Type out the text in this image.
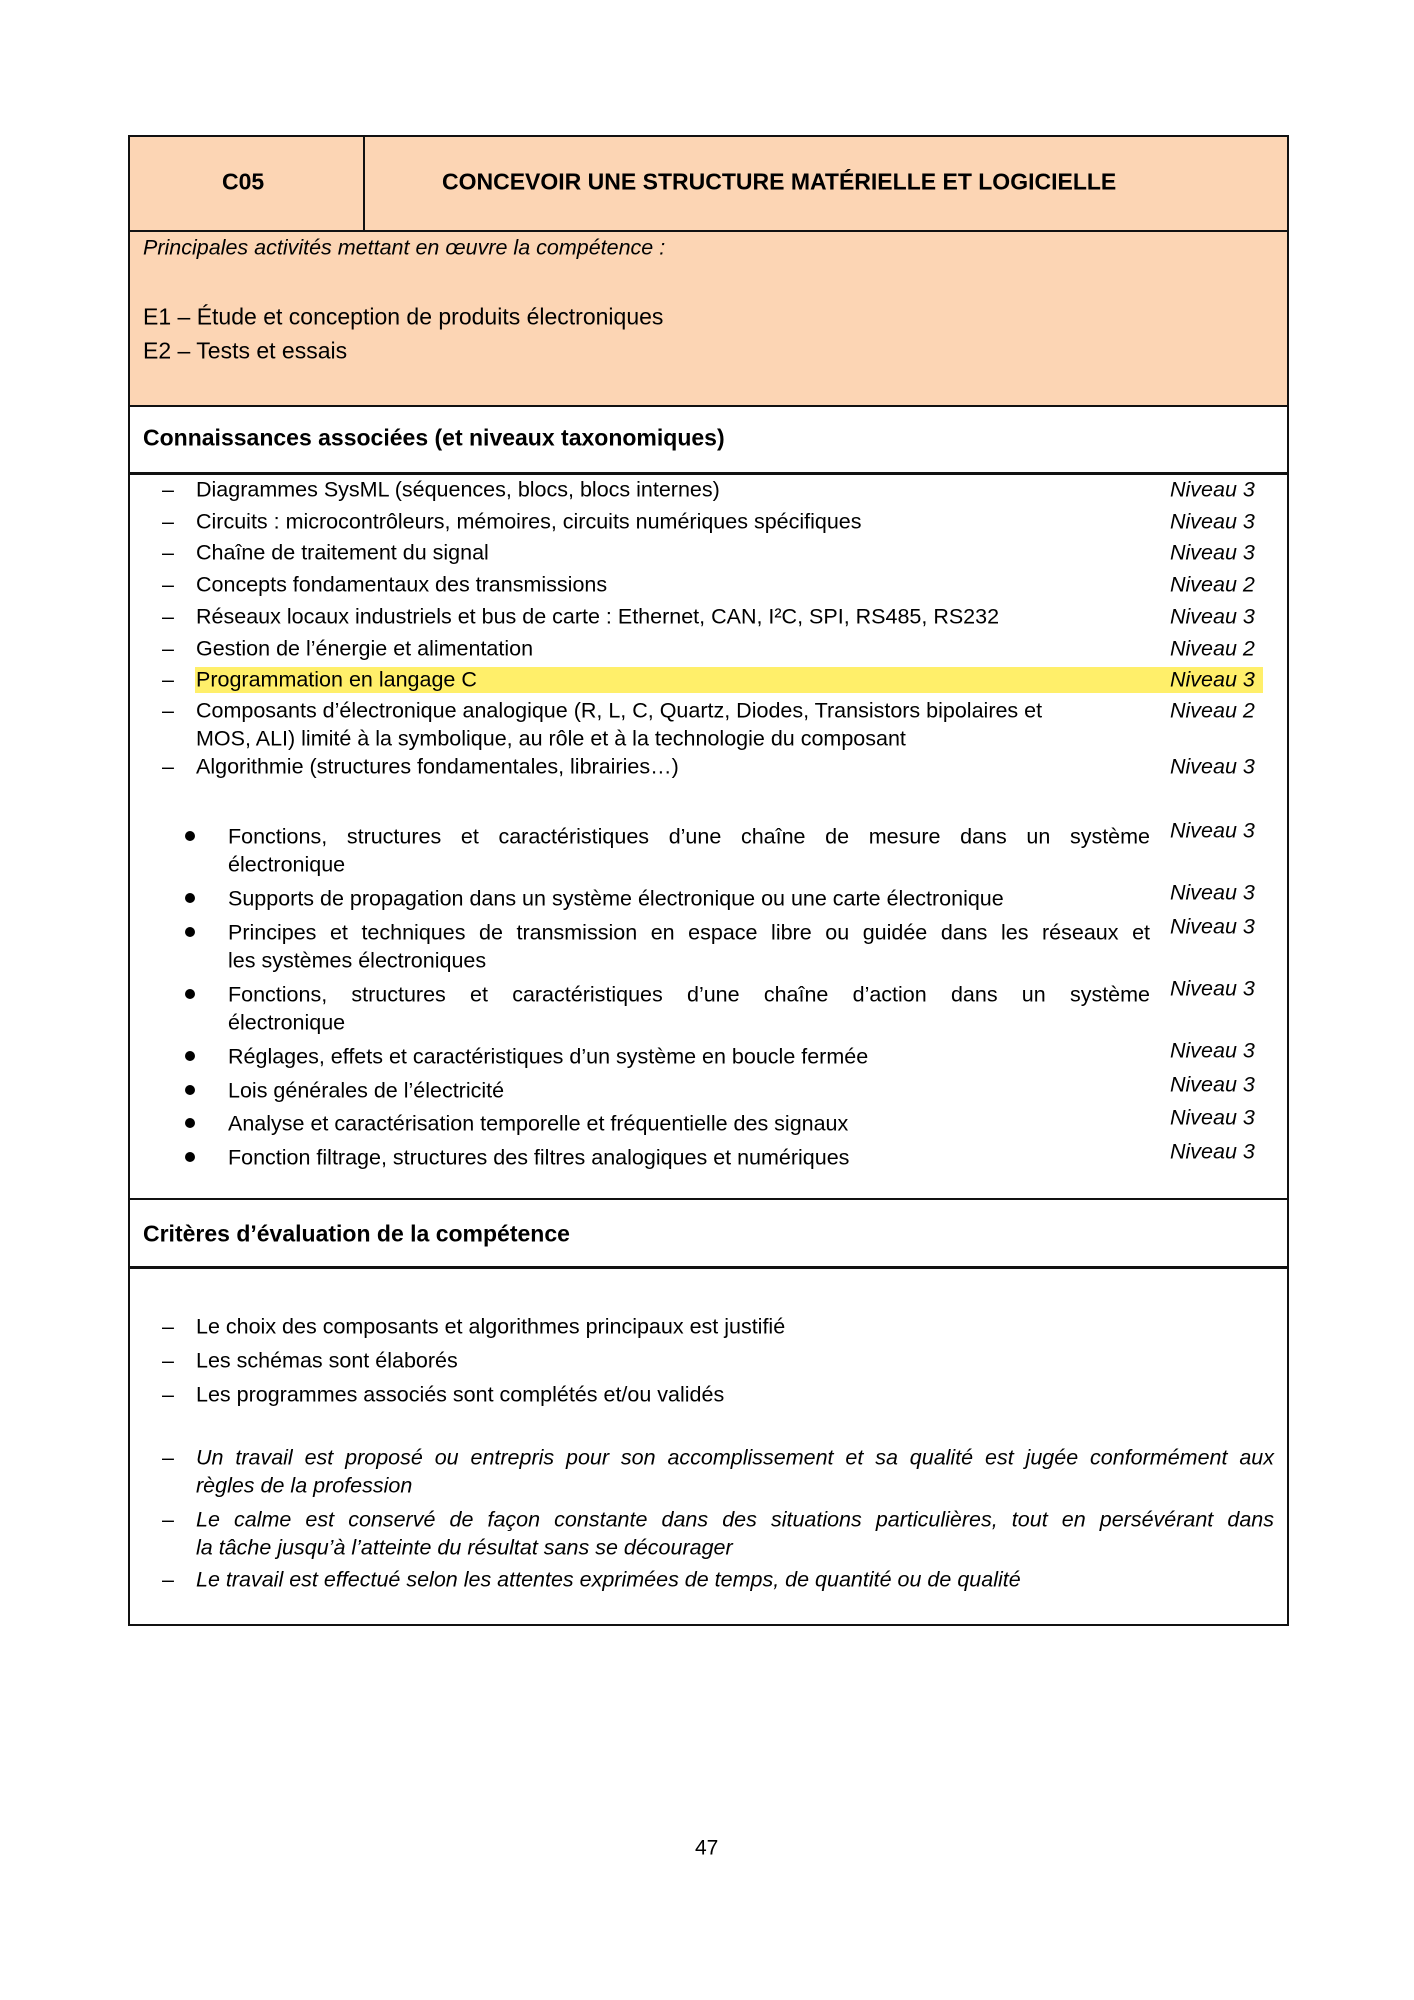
C05	CONCEVOIR UNE STRUCTURE MATÉRIELLE ET LOGICIELLE
Principales activités mettant en œuvre la compétence :
E1 – Étude et conception de produits électroniques
E2 – Tests et essais
Connaissances associées (et niveaux taxonomiques)
– Diagrammes SysML (séquences, blocs, blocs internes)	Niveau 3
– Circuits : microcontrôleurs, mémoires, circuits numériques spécifiques	Niveau 3
– Chaîne de traitement du signal	Niveau 3
– Concepts fondamentaux des transmissions	Niveau 2
– Réseaux locaux industriels et bus de carte : Ethernet, CAN, I²C, SPI, RS485, RS232	Niveau 3
– Gestion de l’énergie et alimentation	Niveau 2
– Programmation en langage C	Niveau 3
– Composants d’électronique analogique (R, L, C, Quartz, Diodes, Transistors bipolaires et
MOS, ALI) limité à la symbolique, au rôle et à la technologie du composant
Niveau 2
– Algorithmie (structures fondamentales, librairies…)	Niveau 3
Fonctions, structures et caractéristiques d’une chaîne de mesure dans un système
électronique
Niveau 3
Supports de propagation dans un système électronique ou une carte électronique	Niveau 3
Principes et techniques de transmission en espace libre ou guidée dans les réseaux et
les systèmes électroniques
Niveau 3
Fonctions, structures et caractéristiques d’une chaîne d’action dans un système
électronique
Niveau 3
Réglages, effets et caractéristiques d’un système en boucle fermée	Niveau 3
Lois générales de l’électricité	Niveau 3
Analyse et caractérisation temporelle et fréquentielle des signaux	Niveau 3
Fonction filtrage, structures des filtres analogiques et numériques	Niveau 3
Critères d’évaluation de la compétence
– Le choix des composants et algorithmes principaux est justifié
– Les schémas sont élaborés
– Les programmes associés sont complétés et/ou validés
– Un travail est proposé ou entrepris pour son accomplissement et sa qualité est jugée conformément aux
règles de la profession
– Le calme est conservé de façon constante dans des situations particulières, tout en persévérant dans
la tâche jusqu’à l’atteinte du résultat sans se décourager
– Le travail est effectué selon les attentes exprimées de temps, de quantité ou de qualité
47
